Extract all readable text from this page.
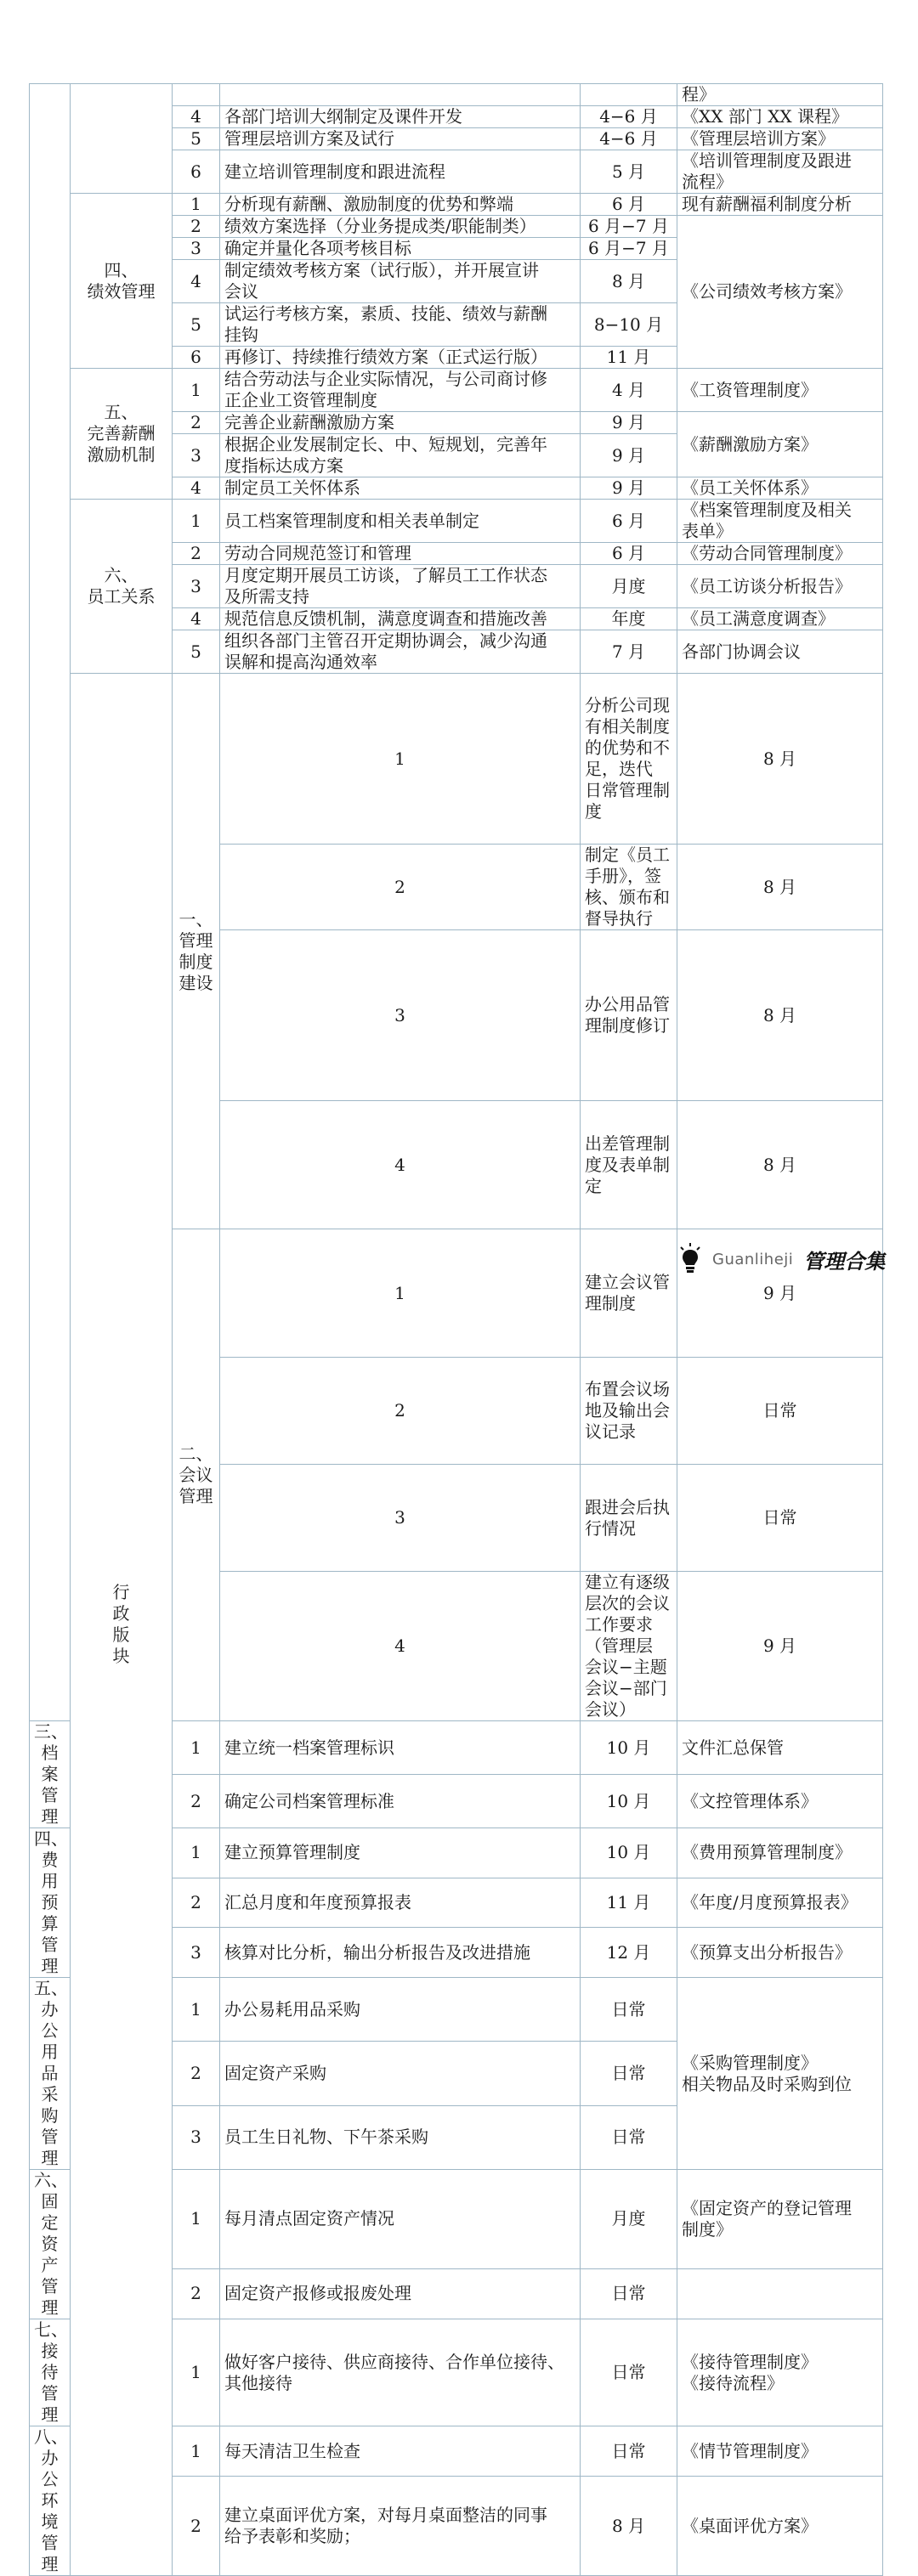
					程》	
		4	各部门培训大纲制定及课件开发	4−6 月	《XX 部门 XX 课程》	
		5	管理层培训方案及试行	4−6 月	《管理层培训方案》	
		6	建立培训管理制度和跟进流程	5 月	《培训管理制度及跟进
流程》	
	四、
绩效管理	1	分析现有薪酬、激励制度的优势和弊端	6 月	现有薪酬福利制度分析	
		2	绩效方案选择（分业务提成类/职能制类）	6 月−7 月	《公司绩效考核方案》	
		3	确定并量化各项考核目标	6 月−7 月		
		4	制定绩效考核方案（试行版），并开展宣讲
会议	8 月		
		5	试运行考核方案，素质、技能、绩效与薪酬
挂钩	8−10 月		
		6	再修订、持续推行绩效方案（正式运行版）	11 月		
	五、
完善薪酬
激励机制	1	结合劳动法与企业实际情况，与公司商讨修
正企业工资管理制度	4 月	《工资管理制度》	
		2	完善企业薪酬激励方案	9 月	《薪酬激励方案》	
		3	根据企业发展制定长、中、短规划，完善年
度指标达成方案	9 月		
		4	制定员工关怀体系	9 月	《员工关怀体系》	
	六、
员工关系	1	员工档案管理制度和相关表单制定	6 月	《档案管理制度及相关
表单》	
		2	劳动合同规范签订和管理	6 月	《劳动合同管理制度》	
		3	月度定期开展员工访谈，了解员工工作状态
及所需支持	月度	《员工访谈分析报告》	
		4	规范信息反馈机制，满意度调查和措施改善	年度	《员工满意度调查》	
		5	组织各部门主管召开定期协调会，减少沟通
误解和提高沟通效率	7 月	各部门协调会议	

	行政版块	一、
管理制度
建设	1	分析公司现有相关制度的优势和不足，迭代
日常管理制度	8 月	
			2	制定《员工手册》，签核、颁布和督导执行	8 月	
			3	办公用品管理制度修订	8 月	
			4	出差管理制度及表单制定	8 月	
		二、
会议管理	1	建立会议管理制度	9 月	
			2	布置会议场地及输出会议记录	日常	
			3	跟进会后执行情况	日常	
			4	建立有逐级层次的会议工作要求 （管理层
会议−主题会议−部门会议）	9 月	
三、
档案管理		1	建立统一档案管理标识	10 月	文件汇总保管	
		2	确定公司档案管理标准	10 月	《文控管理体系》	
四、
费用预算
管理		1	建立预算管理制度	10 月	《费用预算管理制度》	
		2	汇总月度和年度预算报表	11 月	《年度/月度预算报表》	
		3	核算对比分析，输出分析报告及改进措施	12 月	《预算支出分析报告》	
五、
办公用品
采购管理		1	办公易耗用品采购	日常	《采购管理制度》
相关物品及时采购到位	
		2	固定资产采购	日常		
		3	员工生日礼物、下午茶采购	日常		
六、
固定资产
管理		1	每月清点固定资产情况	月度	《固定资产的登记管理
制度》	
		2	固定资产报修或报废处理	日常		
七、
接待管理		1	做好客户接待、供应商接待、合作单位接待、
其他接待	日常	《接待管理制度》
《接待流程》	
八、办公环
境管理		1	每天清洁卫生检查	日常	《情节管理制度》	
		2	建立桌面评优方案，对每月桌面整洁的同事
给予表彰和奖励；	8 月	《桌面评优方案》	
Guanliheji 管理合集
